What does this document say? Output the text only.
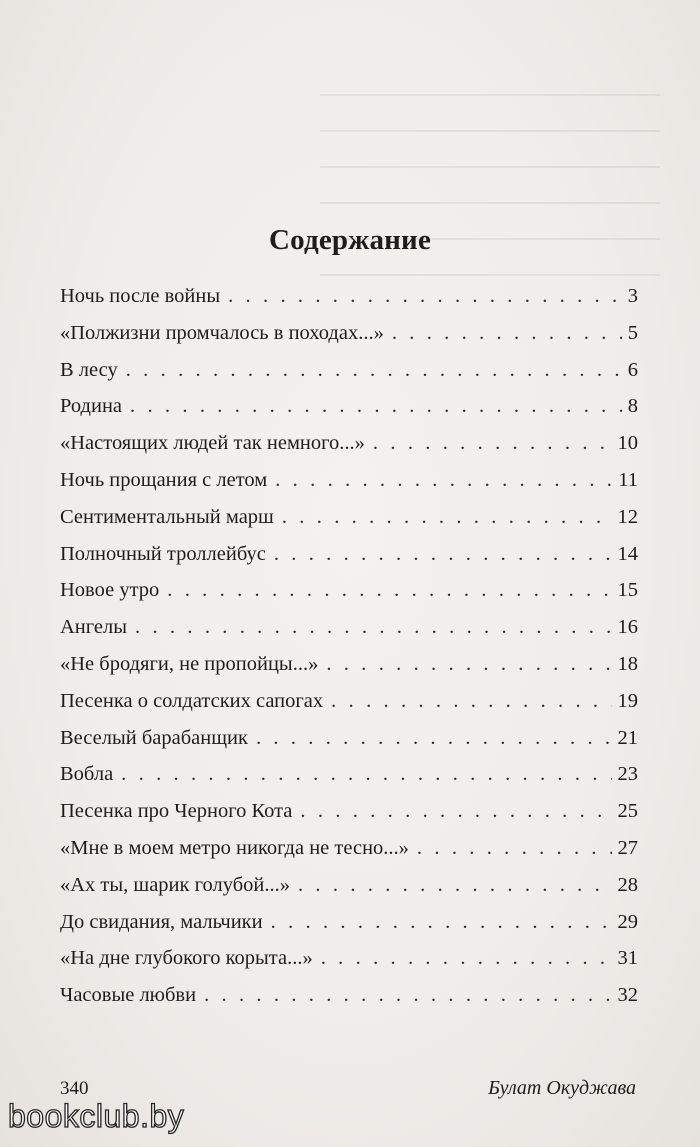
Содержание
Ночь после войны . . .	3
«Полжизни промчалось в походах...» . . .	5
В лесу . . .	6
Родина . . .	8
«Настоящих людей так немного...» . . .	10
Ночь прощания с летом . . .	11
Сентиментальный марш . . .	12
Полночный троллейбус . . .	14
Новое утро . . .	15
Ангелы . . .	16
«Не бродяги, не пропойцы...» . . .	18
Песенка о солдатских сапогах . . .	19
Веселый барабанщик . . .	21
Вобла . . .	23
Песенка про Черного Кота . . .	25
«Мне в моем метро никогда не тесно...» . . .	27
«Ах ты, шарик голубой...» . . .	28
До свидания, мальчики . . .	29
«На дне глубокого корыта...» . . .	31
Часовые любви . . .	32
340	Булат Окуджава
bookclub.by
